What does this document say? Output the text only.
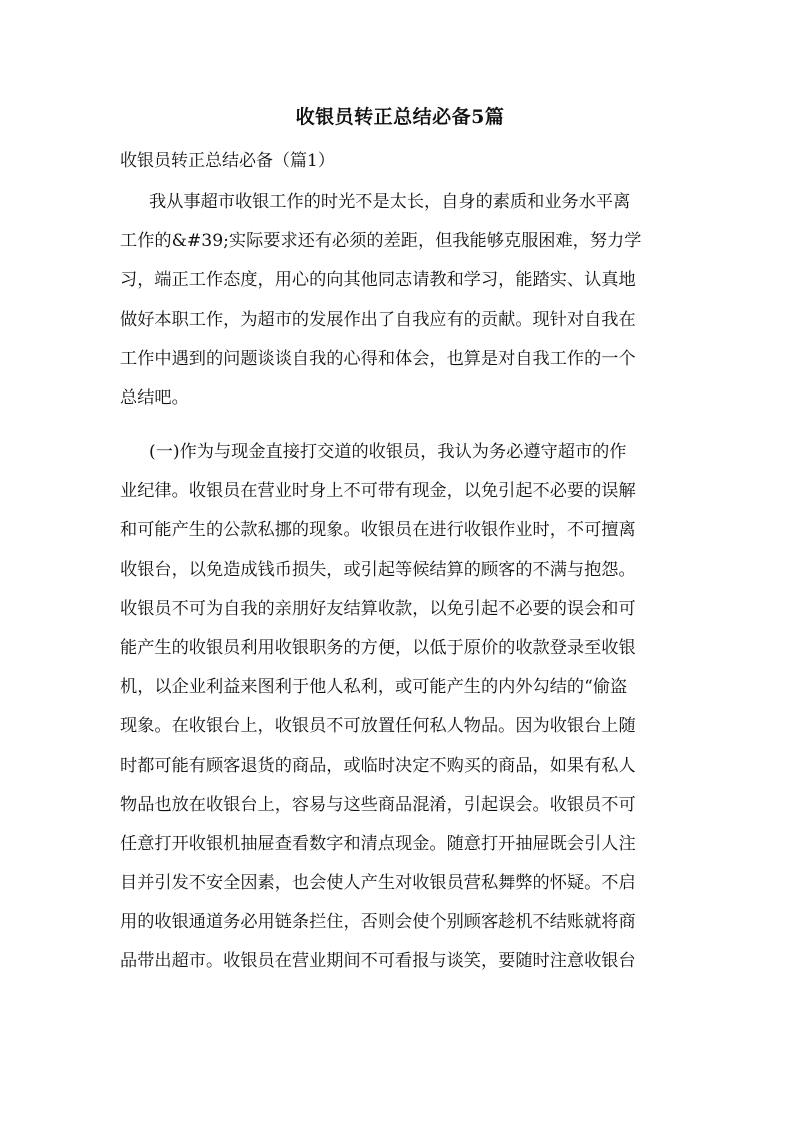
收银员转正总结必备5篇

收银员转正总结必备（篇1）

我从事超市收银工作的时光不是太长，自身的素质和业务水平离
工作的&#39;实际要求还有必须的差距，但我能够克服困难，努力学
习，端正工作态度，用心的向其他同志请教和学习，能踏实、认真地
做好本职工作，为超市的发展作出了自我应有的贡献。现针对自我在
工作中遇到的问题谈谈自我的心得和体会，也算是对自我工作的一个
总结吧。
(一)作为与现金直接打交道的收银员，我认为务必遵守超市的作
业纪律。收银员在营业时身上不可带有现金，以免引起不必要的误解
和可能产生的公款私挪的现象。收银员在进行收银作业时，不可擅离
收银台，以免造成钱币损失，或引起等候结算的顾客的不满与抱怨。
收银员不可为自我的亲朋好友结算收款，以免引起不必要的误会和可
能产生的收银员利用收银职务的方便，以低于原价的收款登录至收银
机，以企业利益来图利于他人私利，或可能产生的内外勾结的“偷盗
现象。在收银台上，收银员不可放置任何私人物品。因为收银台上随
时都可能有顾客退货的商品，或临时决定不购买的商品，如果有私人
物品也放在收银台上，容易与这些商品混淆，引起误会。收银员不可
任意打开收银机抽屉查看数字和清点现金。随意打开抽屉既会引人注
目并引发不安全因素，也会使人产生对收银员营私舞弊的怀疑。不启
用的收银通道务必用链条拦住，否则会使个别顾客趁机不结账就将商
品带出超市。收银员在营业期间不可看报与谈笑，要随时注意收银台
